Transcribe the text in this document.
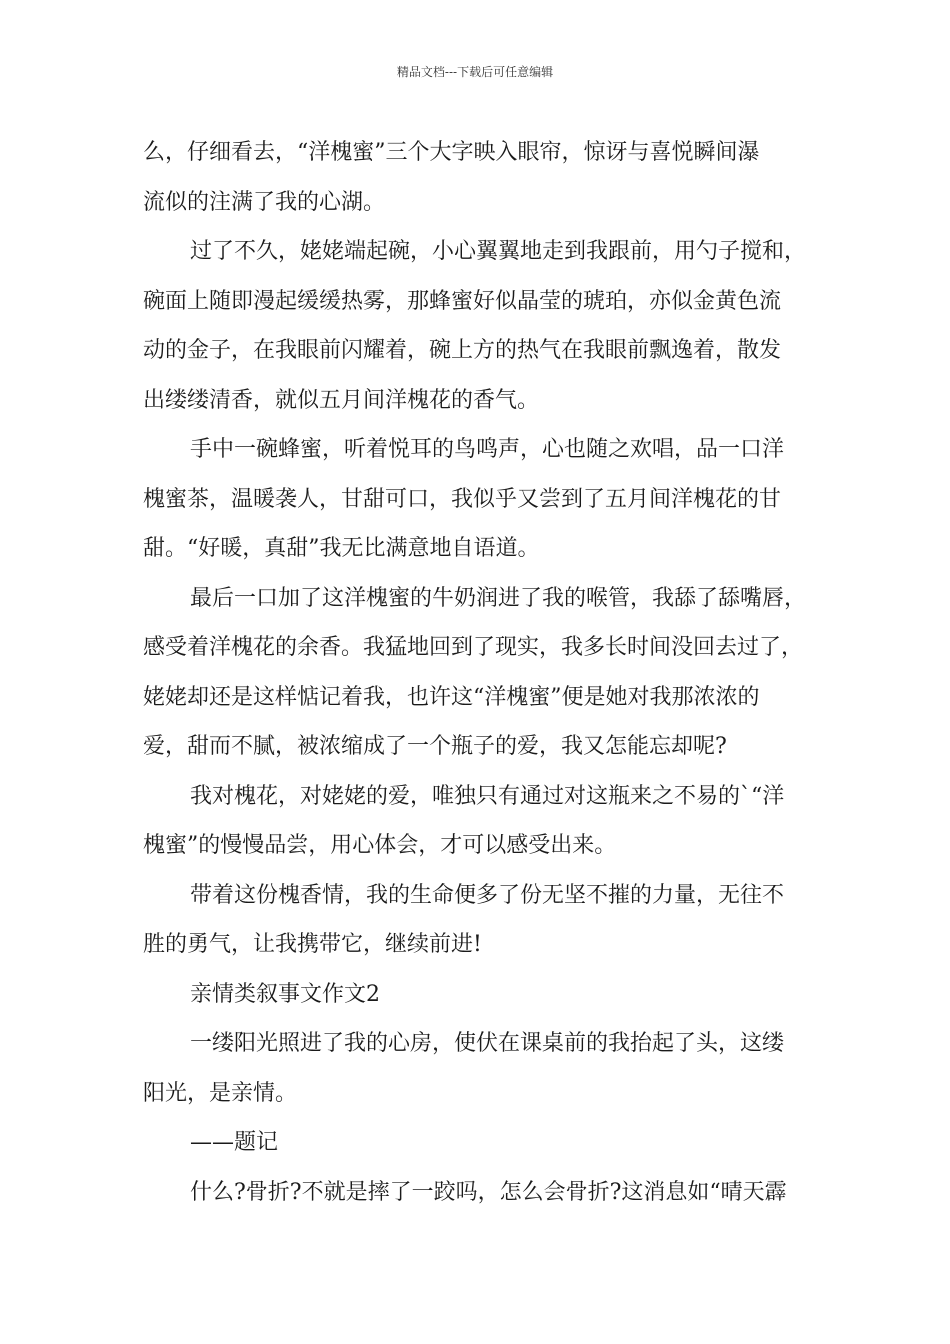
精品文档---下载后可任意编辑
么，仔细看去，“洋槐蜜”三个大字映入眼帘，惊讶与喜悦瞬间瀑
流似的注满了我的心湖。
过了不久，姥姥端起碗，小心翼翼地走到我跟前，用勺子搅和，
碗面上随即漫起缓缓热雾，那蜂蜜好似晶莹的琥珀，亦似金黄色流
动的金子，在我眼前闪耀着，碗上方的热气在我眼前飘逸着，散发
出缕缕清香，就似五月间洋槐花的香气。
手中一碗蜂蜜，听着悦耳的鸟鸣声，心也随之欢唱，品一口洋
槐蜜茶，温暖袭人，甘甜可口，我似乎又尝到了五月间洋槐花的甘
甜。“好暖，真甜”我无比满意地自语道。
最后一口加了这洋槐蜜的牛奶润进了我的喉管，我舔了舔嘴唇，
感受着洋槐花的余香。我猛地回到了现实，我多长时间没回去过了，
姥姥却还是这样惦记着我，也许这“洋槐蜜”便是她对我那浓浓的
爱，甜而不腻，被浓缩成了一个瓶子的爱，我又怎能忘却呢?
我对槐花，对姥姥的爱，唯独只有通过对这瓶来之不易的`“洋
槐蜜”的慢慢品尝，用心体会，才可以感受出来。
带着这份槐香情，我的生命便多了份无坚不摧的力量，无往不
胜的勇气，让我携带它，继续前进!
亲情类叙事文作文2
一缕阳光照进了我的心房，使伏在课桌前的我抬起了头，这缕
阳光，是亲情。
——题记
什么?骨折?不就是摔了一跤吗，怎么会骨折?这消息如“晴天霹
